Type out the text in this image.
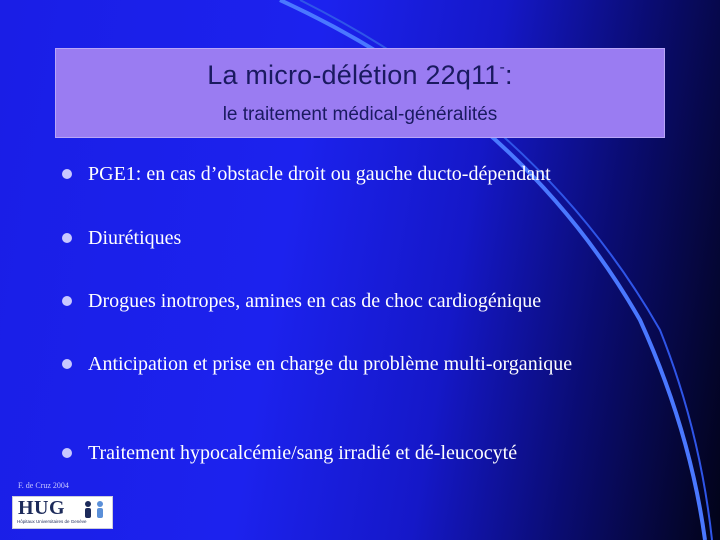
La micro-délétion 22q11-:
le traitement médical-généralités
PGE1: en cas d’obstacle droit ou gauche ducto-dépendant
Diurétiques
Drogues inotropes, amines en cas de choc cardiogénique
Anticipation et prise en charge du problème multi-organique
Traitement hypocalcémie/sang irradié et dé-leucocyté
F. de Cruz 2004
HUG
Hôpitaux Universitaires de Genève
